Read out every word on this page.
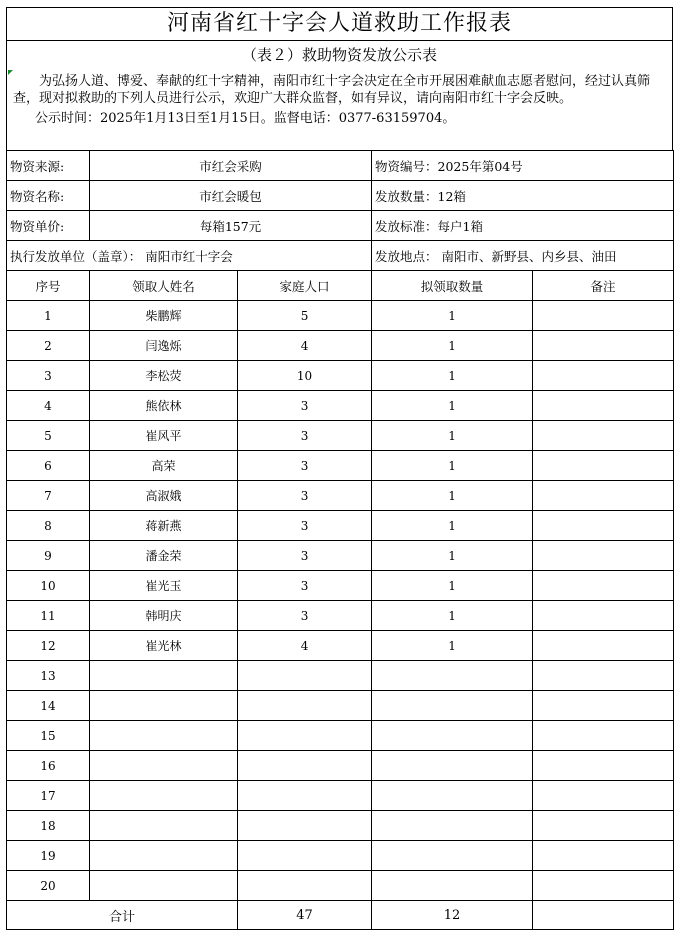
河南省红十字会人道救助工作报表
（表２）救助物资发放公示表
为弘扬人道、博爱、奉献的红十字精神，南阳市红十字会决定在全市开展困难献血志愿者慰问，经过认真筛查，现对拟救助的下列人员进行公示，欢迎广大群众监督，如有异议，请向南阳市红十字会反映。
公示时间：2025年1月13日至1月15日。监督电话：0377-63159704。
物资来源:	市红会采购		物资编号：2025年第04号	
物资名称:	市红会暖包		发放数量：12箱	
物资单价:	每箱157元		发放标准：每户1箱	
执行发放单位（盖章）： 南阳市红十字会			发放地点： 南阳市、新野县、内乡县、油田	
序号	领取人姓名	家庭人口	拟领取数量	备注
1	柴鹏辉	5	1	
2	闫逸烁	4	1	
3	李松荧	10	1	
4	熊依林	3	1	
5	崔风平	3	1	
6	高荣	3	1	
7	高淑娥	3	1	
8	蒋新燕	3	1	
9	潘金荣	3	1	
10	崔光玉	3	1	
11	韩明庆	3	1	
12	崔光林	4	1	
13				
14				
15				
16				
17				
18				
19				
20				
合计		47	12	
